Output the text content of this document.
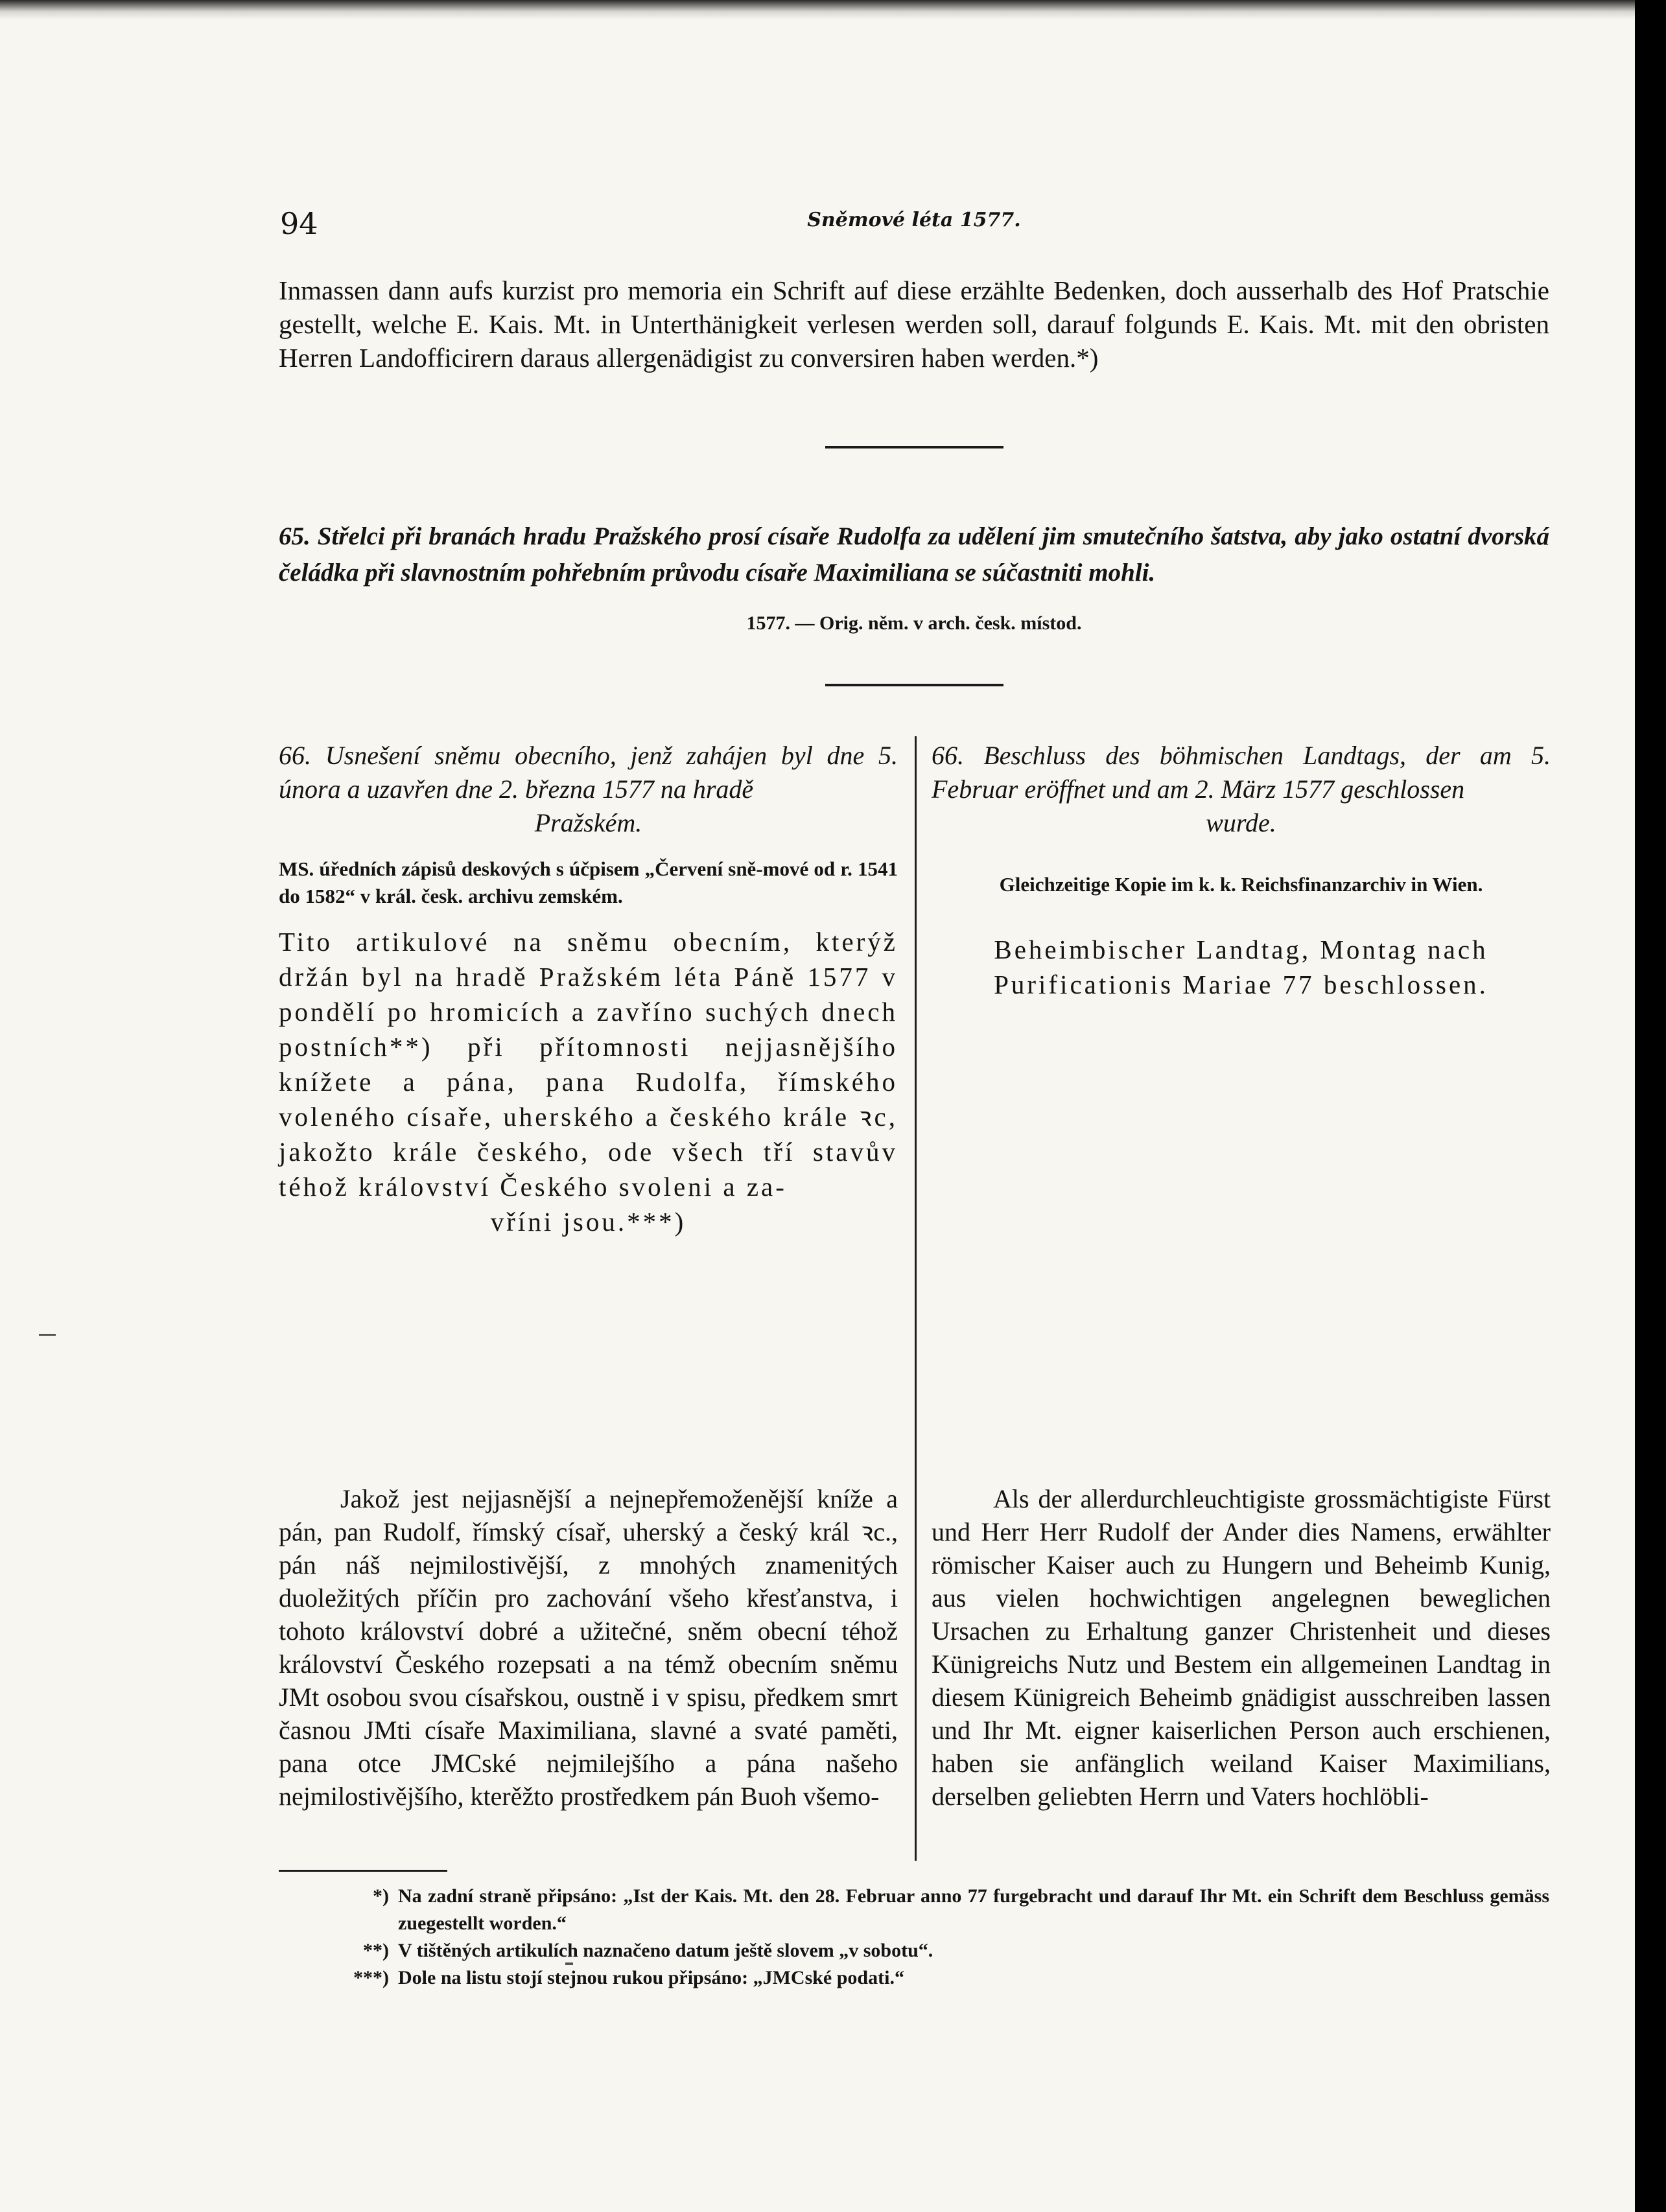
94	Sněmové léta 1577.
Inmassen dann aufs kurzist pro memoria ein Schrift auf diese erzählte Bedenken, doch ausserhalb des Hof Pratschie gestellt, welche E. Kais. Mt. in Unterthänigkeit verlesen werden soll, darauf folgunds E. Kais. Mt. mit den obristen Herren Landofficirern daraus allergenädigist zu conversiren haben werden.*)
65. Střelci při branách hradu Pražského prosí císaře Rudolfa za udělení jim smutečního šatstva, aby jako ostatní dvorská čeládka při slavnostním pohřebním průvodu císaře Maximiliana se súčastniti mohli.
1577. — Orig. něm. v arch. česk. místod.

66. Usnešení sněmu obecního, jenž zahájen byl dne 5. února a uzavřen dne 2. března 1577 na hradě
Pražském.

MS. úředních zápisů deskových s účpisem „Červení sně-mové od r. 1541 do 1582“ v král. česk. archivu zemském.
Tito artikulové na sněmu obecním, kterýž držán byl na hradě Pražském léta Páně 1577 v pondělí po hromicích a zavříno suchých dnech postních**) při přítomnosti nejjasnějšího knížete a pána, pana Rudolfa, římského voleného císaře, uherského a českého krále ꝛc, jakožto krále českého, ode všech tří stavův téhož království Českého svoleni a za-
vříni jsou.***)

66. Beschluss des böhmischen Landtags, der am 5. Februar eröffnet und am 2. März 1577 geschlossen
wurde.

Gleichzeitige Kopie im k. k. Reichsfinanzarchiv in Wien.
Beheimbischer Landtag, Montag nach Purificationis Mariae 77 beschlossen.

Jakož jest nejjasnější a nejnepřemoženější kníže a pán, pan Rudolf, římský císař, uherský a český král ꝛc., pán náš nejmilostivější, z mnohých znamenitých duoležitých příčin pro zachování všeho křesťanstva, i tohoto království dobré a užitečné, sněm obecní téhož království Českého rozepsati a na témž obecním sněmu JMt osobou svou císařskou, oustně i v spisu, předkem smrt časnou JMti císaře Maximiliana, slavné a svaté paměti, pana otce JMCské nejmilejšího a pána našeho nejmilostivějšího, kterěžto prostředkem pán Buoh všemo-

Als der allerdurchleuchtigiste grossmächtigiste Fürst und Herr Herr Rudolf der Ander dies Namens, erwählter römischer Kaiser auch zu Hungern und Beheimb Kunig, aus vielen hochwichtigen angelegnen beweglichen Ursachen zu Erhaltung ganzer Christenheit und dieses Künigreichs Nutz und Bestem ein allgemeinen Landtag in diesem Künigreich Beheimb gnädigist ausschreiben lassen und Ihr Mt. eigner kaiserlichen Person auch erschienen, haben sie anfänglich weiland Kaiser Maximilians, derselben geliebten Herrn und Vaters hochlöbli-

*) Na zadní straně připsáno: „Ist der Kais. Mt. den 28. Februar anno 77 furgebracht und darauf Ihr Mt. ein Schrift dem Beschluss gemäss zuegestellt worden.“
**) V tištěných artikulích naznačeno datum ještě slovem „v sobotu“.
***) Dole na listu stojí stejnou rukou připsáno: „JMCské podati.“
